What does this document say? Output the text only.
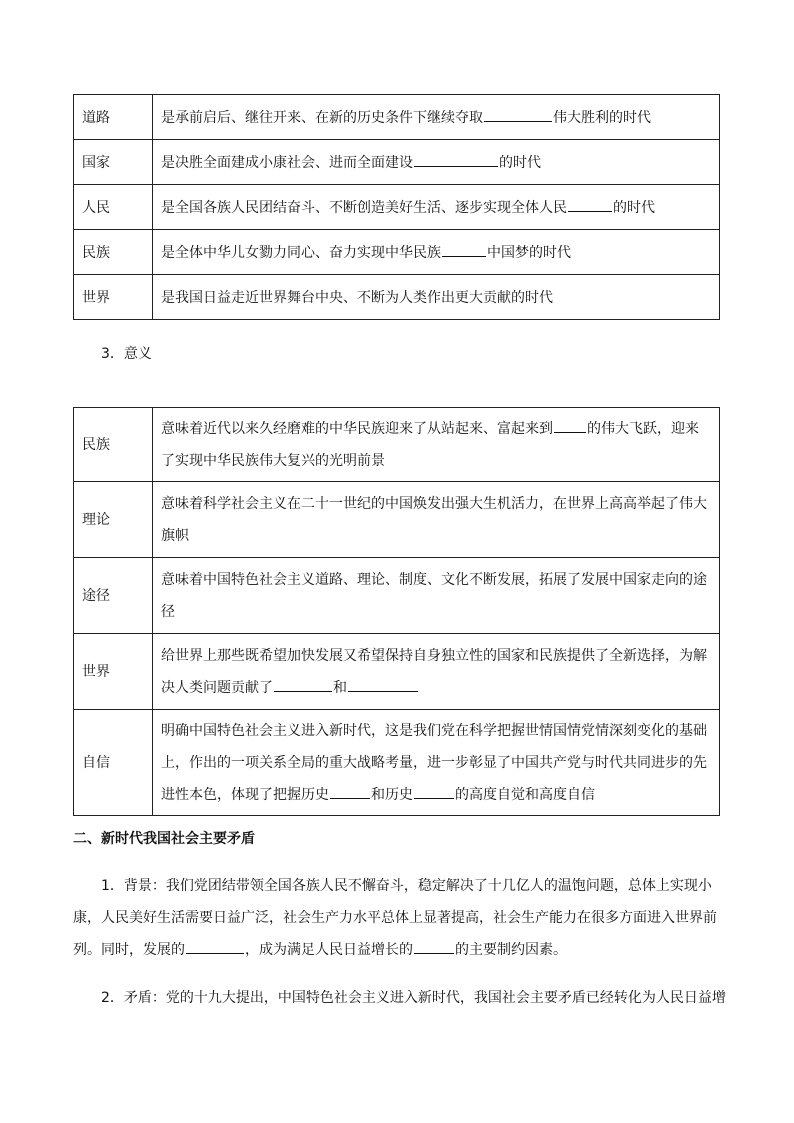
道路	是承前启后、继往开来、在新的历史条件下继续夺取 伟大胜利的时代
国家	是决胜全面建成小康社会、进而全面建设 的时代
人民	是全国各族人民团结奋斗、不断创造美好生活、逐步实现全体人民 的时代
民族	是全体中华儿女勠力同心、奋力实现中华民族 中国梦的时代
世界	是我国日益走近世界舞台中央、不断为人类作出更大贡献的时代
3．意义
民族	意味着近代以来久经磨难的中华民族迎来了从站起来、富起来到 的伟大飞跃，迎来了实现中华民族伟大复兴的光明前景
理论	意味着科学社会主义在二十一世纪的中国焕发出强大生机活力，在世界上高高举起了伟大旗帜
途径	意味着中国特色社会主义道路、理论、制度、文化不断发展，拓展了发展中国家走向的途径
世界	给世界上那些既希望加快发展又希望保持自身独立性的国家和民族提供了全新选择，为解决人类问题贡献了 和
自信	明确中国特色社会主义进入新时代，这是我们党在科学把握世情国情党情深刻变化的基础上，作出的一项关系全局的重大战略考量，进一步彰显了中国共产党与时代共同进步的先进性本色，体现了把握历史 和历史 的高度自觉和高度自信
二、新时代我国社会主要矛盾
1．背景：我们党团结带领全国各族人民不懈奋斗，稳定解决了十几亿人的温饱问题，总体上实现小康，人民美好生活需要日益广泛，社会生产力水平总体上显著提高，社会生产能力在很多方面进入世界前列。同时，发展的	，成为满足人民日益增长的	的主要制约因素。
2．矛盾：党的十九大提出，中国特色社会主义进入新时代，我国社会主要矛盾已经转化为人民日益增
